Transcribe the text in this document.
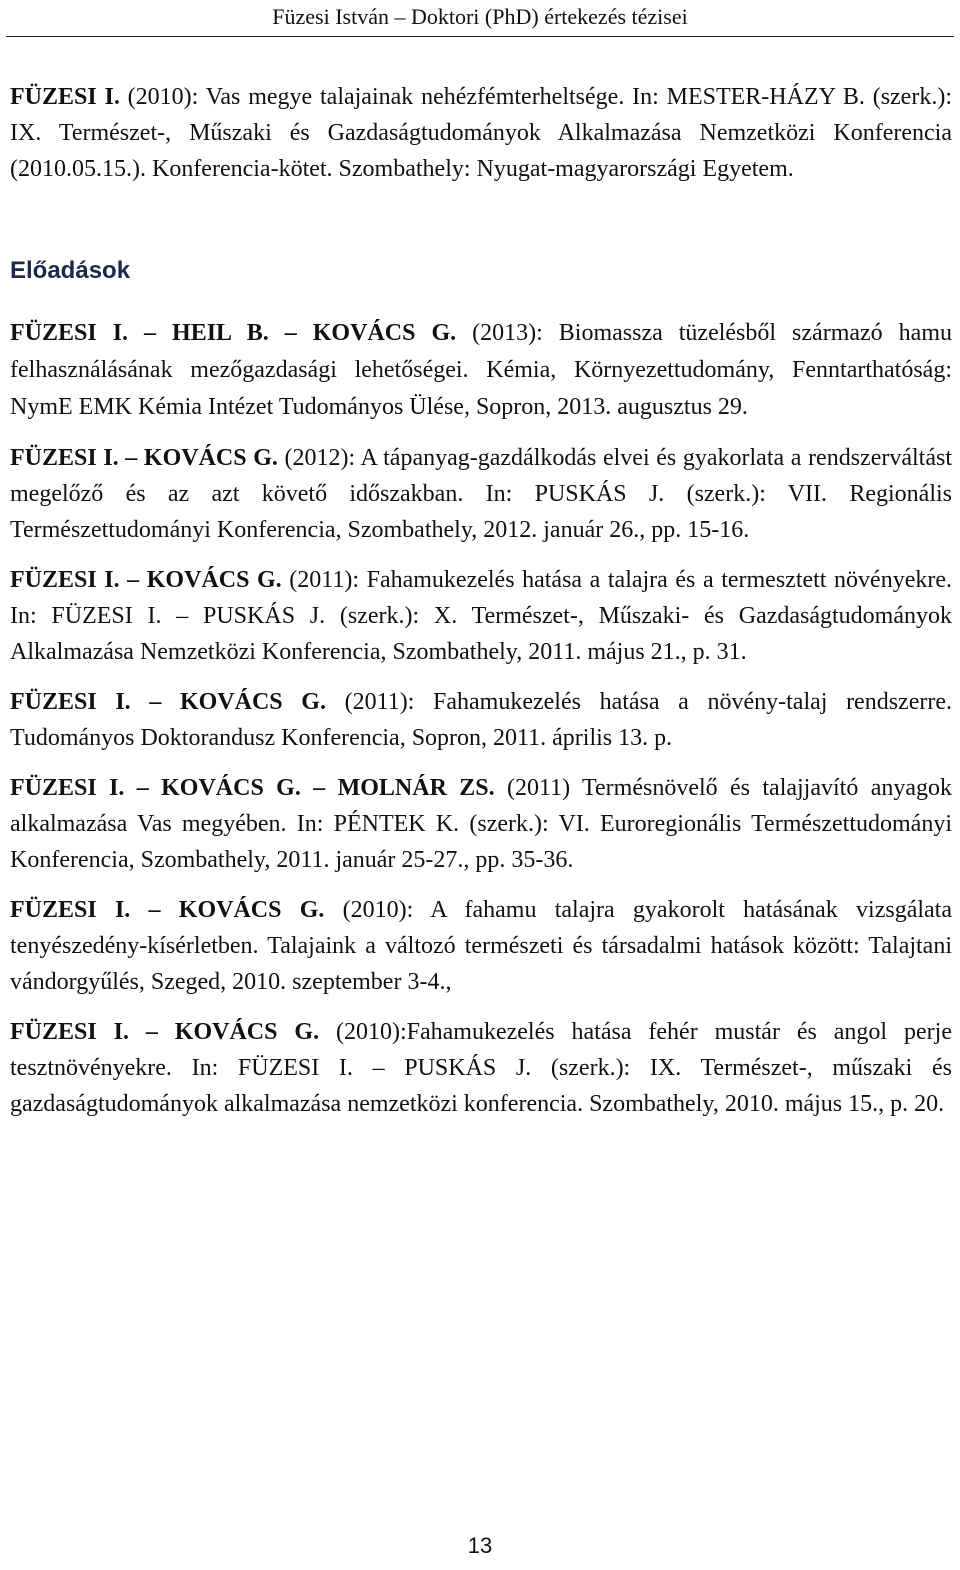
Füzesi István – Doktori (PhD) értekezés tézisei

FÜZESI I. (2010): Vas megye talajainak nehézfémterheltsége. In: MESTER-HÁZY B. (szerk.): IX. Természet-, Műszaki és Gazdaságtudományok Alkalmazása Nemzetközi Konferencia (2010.05.15.). Konferencia-kötet. Szombathely: Nyugat-magyarországi Egyetem.

Előadások

FÜZESI I. – HEIL B. – KOVÁCS G. (2013): Biomassza tüzelésből származó hamu felhasználásának mezőgazdasági lehetőségei. Kémia, Környezettudomány, Fenntarthatóság: NymE EMK Kémia Intézet Tudományos Ülése, Sopron, 2013. augusztus 29.

FÜZESI I. – KOVÁCS G. (2012): A tápanyag-gazdálkodás elvei és gyakorlata a rendszerváltást megelőző és az azt követő időszakban. In: PUSKÁS J. (szerk.): VII. Regionális Természettudományi Konferencia, Szombathely, 2012. január 26., pp. 15-16.

FÜZESI I. – KOVÁCS G. (2011): Fahamukezelés hatása a talajra és a termesztett növényekre. In: FÜZESI I. – PUSKÁS J. (szerk.): X. Természet-, Műszaki- és Gazdaságtudományok Alkalmazása Nemzetközi Konferencia, Szombathely, 2011. május 21., p. 31.

FÜZESI I. – KOVÁCS G. (2011): Fahamukezelés hatása a növény-talaj rendszerre. Tudományos Doktorandusz Konferencia, Sopron, 2011. április 13. p.

FÜZESI I. – KOVÁCS G. – MOLNÁR ZS. (2011) Termésnövelő és talajjavító anyagok alkalmazása Vas megyében. In: PÉNTEK K. (szerk.): VI. Euroregionális Természettudományi Konferencia, Szombathely, 2011. január 25-27., pp. 35-36.

FÜZESI I. – KOVÁCS G. (2010): A fahamu talajra gyakorolt hatásának vizsgálata tenyészedény-kísérletben. Talajaink a változó természeti és társadalmi hatások között: Talajtani vándorgyűlés, Szeged, 2010. szeptember 3-4.,

FÜZESI I. – KOVÁCS G. (2010):Fahamukezelés hatása fehér mustár és angol perje tesztnövényekre. In: FÜZESI I. – PUSKÁS J. (szerk.): IX. Természet-, műszaki és gazdaságtudományok alkalmazása nemzetközi konferencia. Szombathely, 2010. május 15., p. 20.

13
